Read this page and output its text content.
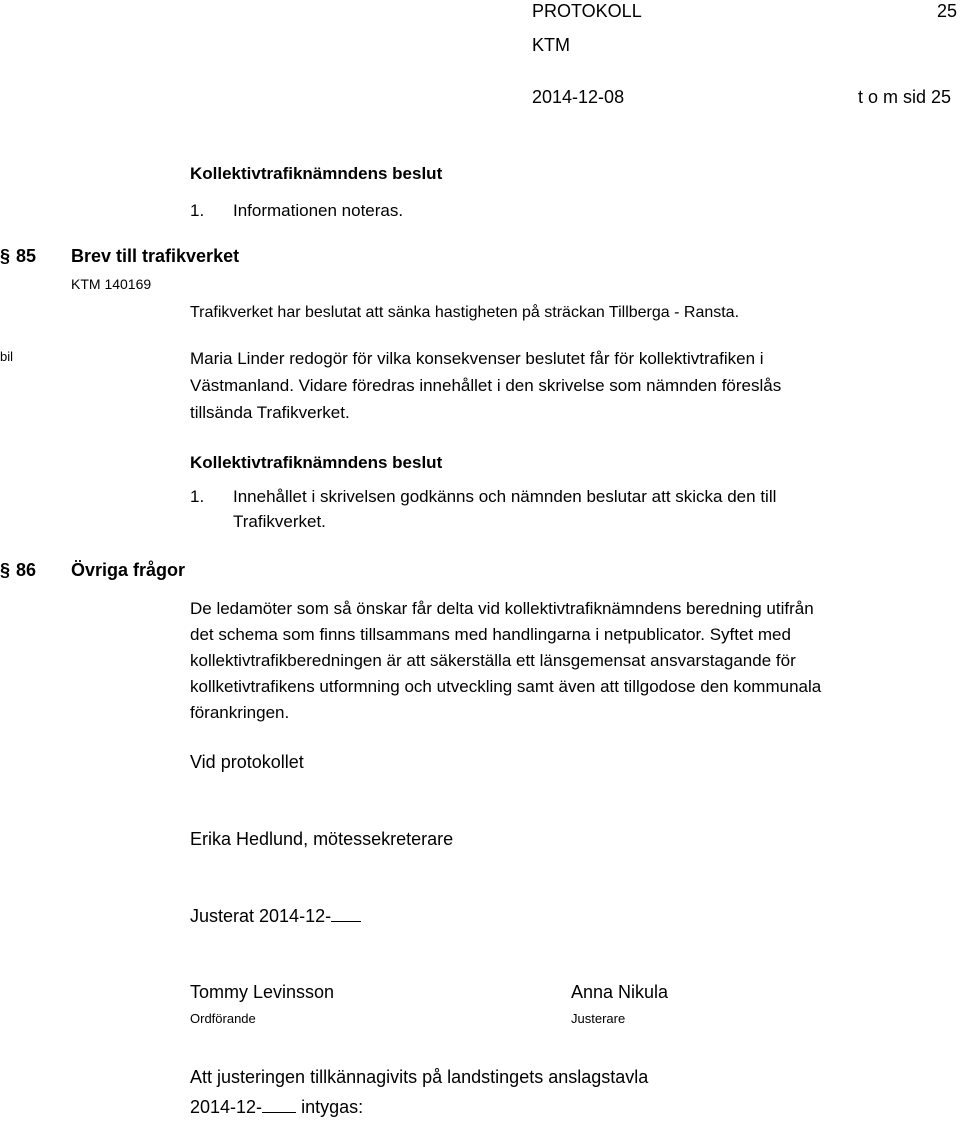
PROTOKOLL	25
KTM
2014-12-08	t o m sid 25
Kollektivtrafiknämndens beslut
1. Informationen noteras.
§ 85 Brev till trafikverket
KTM 140169
Trafikverket har beslutat att sänka hastigheten på sträckan Tillberga - Ransta.
bil	Maria Linder redogör för vilka konsekvenser beslutet får för kollektivtrafiken i
Västmanland. Vidare föredras innehållet i den skrivelse som nämnden föreslås
tillsända Trafikverket.
Kollektivtrafiknämndens beslut
1. Innehållet i skrivelsen godkänns och nämnden beslutar att skicka den till
Trafikverket.
§ 86 Övriga frågor
De ledamöter som så önskar får delta vid kollektivtrafiknämndens beredning utifrån
det schema som finns tillsammans med handlingarna i netpublicator. Syftet med
kollektivtrafikberedningen är att säkerställa ett länsgemensat ansvarstagande för
kollketivtrafikens utformning och utveckling samt även att tillgodose den kommunala
förankringen.
Vid protokollet
Erika Hedlund, mötessekreterare
Justerat 2014-12-
Tommy Levinsson
Ordförande
Anna Nikula
Justerare
Att justeringen tillkännagivits på landstingets anslagstavla
2014-12- intygas:
